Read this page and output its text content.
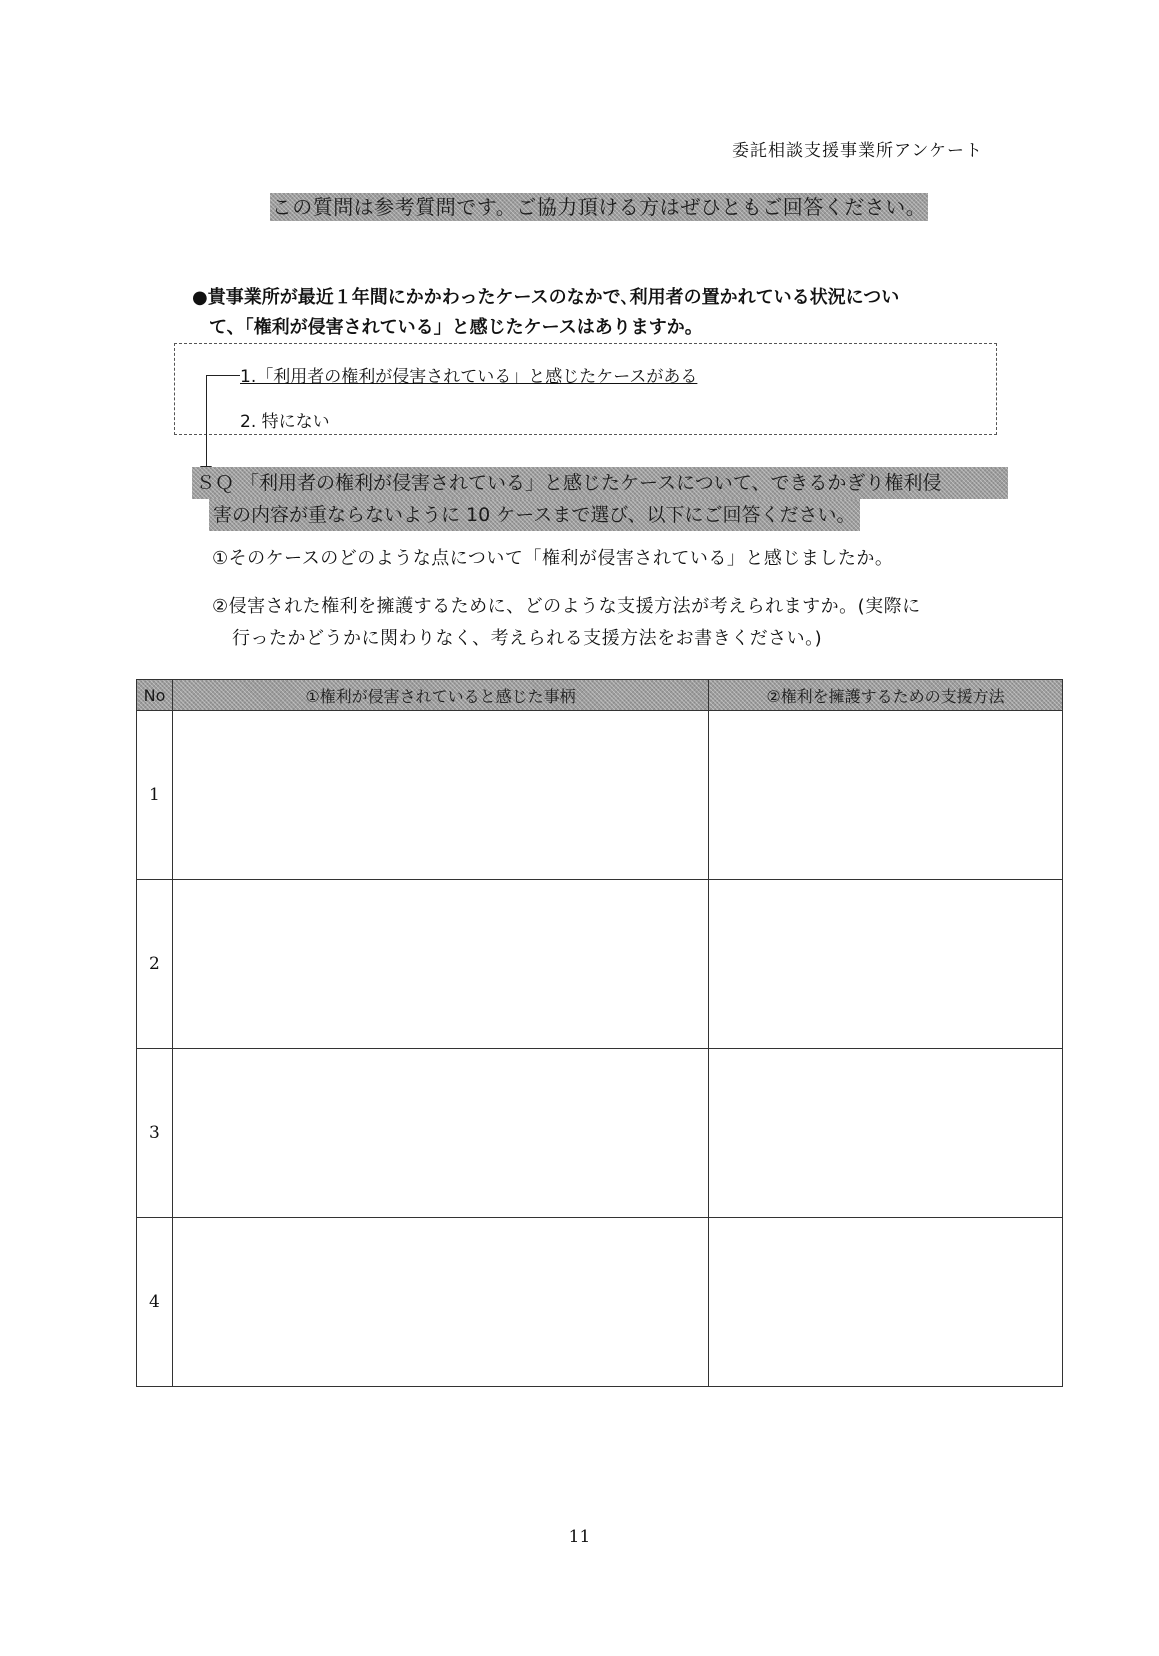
委託相談支援事業所アンケート
この質問は参考質問です。ご協力頂ける方はぜひともご回答ください。
●貴事業所が最近１年間にかかわったケースのなかで､利用者の置かれている状況につい
て、「権利が侵害されている」と感じたケースはありますか。
1.「利用者の権利が侵害されている」と感じたケースがある
2. 特にない
ＳＱ 「利用者の権利が侵害されている」と感じたケースについて、できるかぎり権利侵
害の内容が重ならないように 10 ケースまで選び、以下にご回答ください。
①そのケースのどのような点について「権利が侵害されている」と感じましたか。
②侵害された権利を擁護するために、どのような支援方法が考えられますか。(実際に
行ったかどうかに関わりなく、考えられる支援方法をお書きください。)
No	①権利が侵害されていると感じた事柄	②権利を擁護するための支援方法
1		
2		
3		
4		
11
